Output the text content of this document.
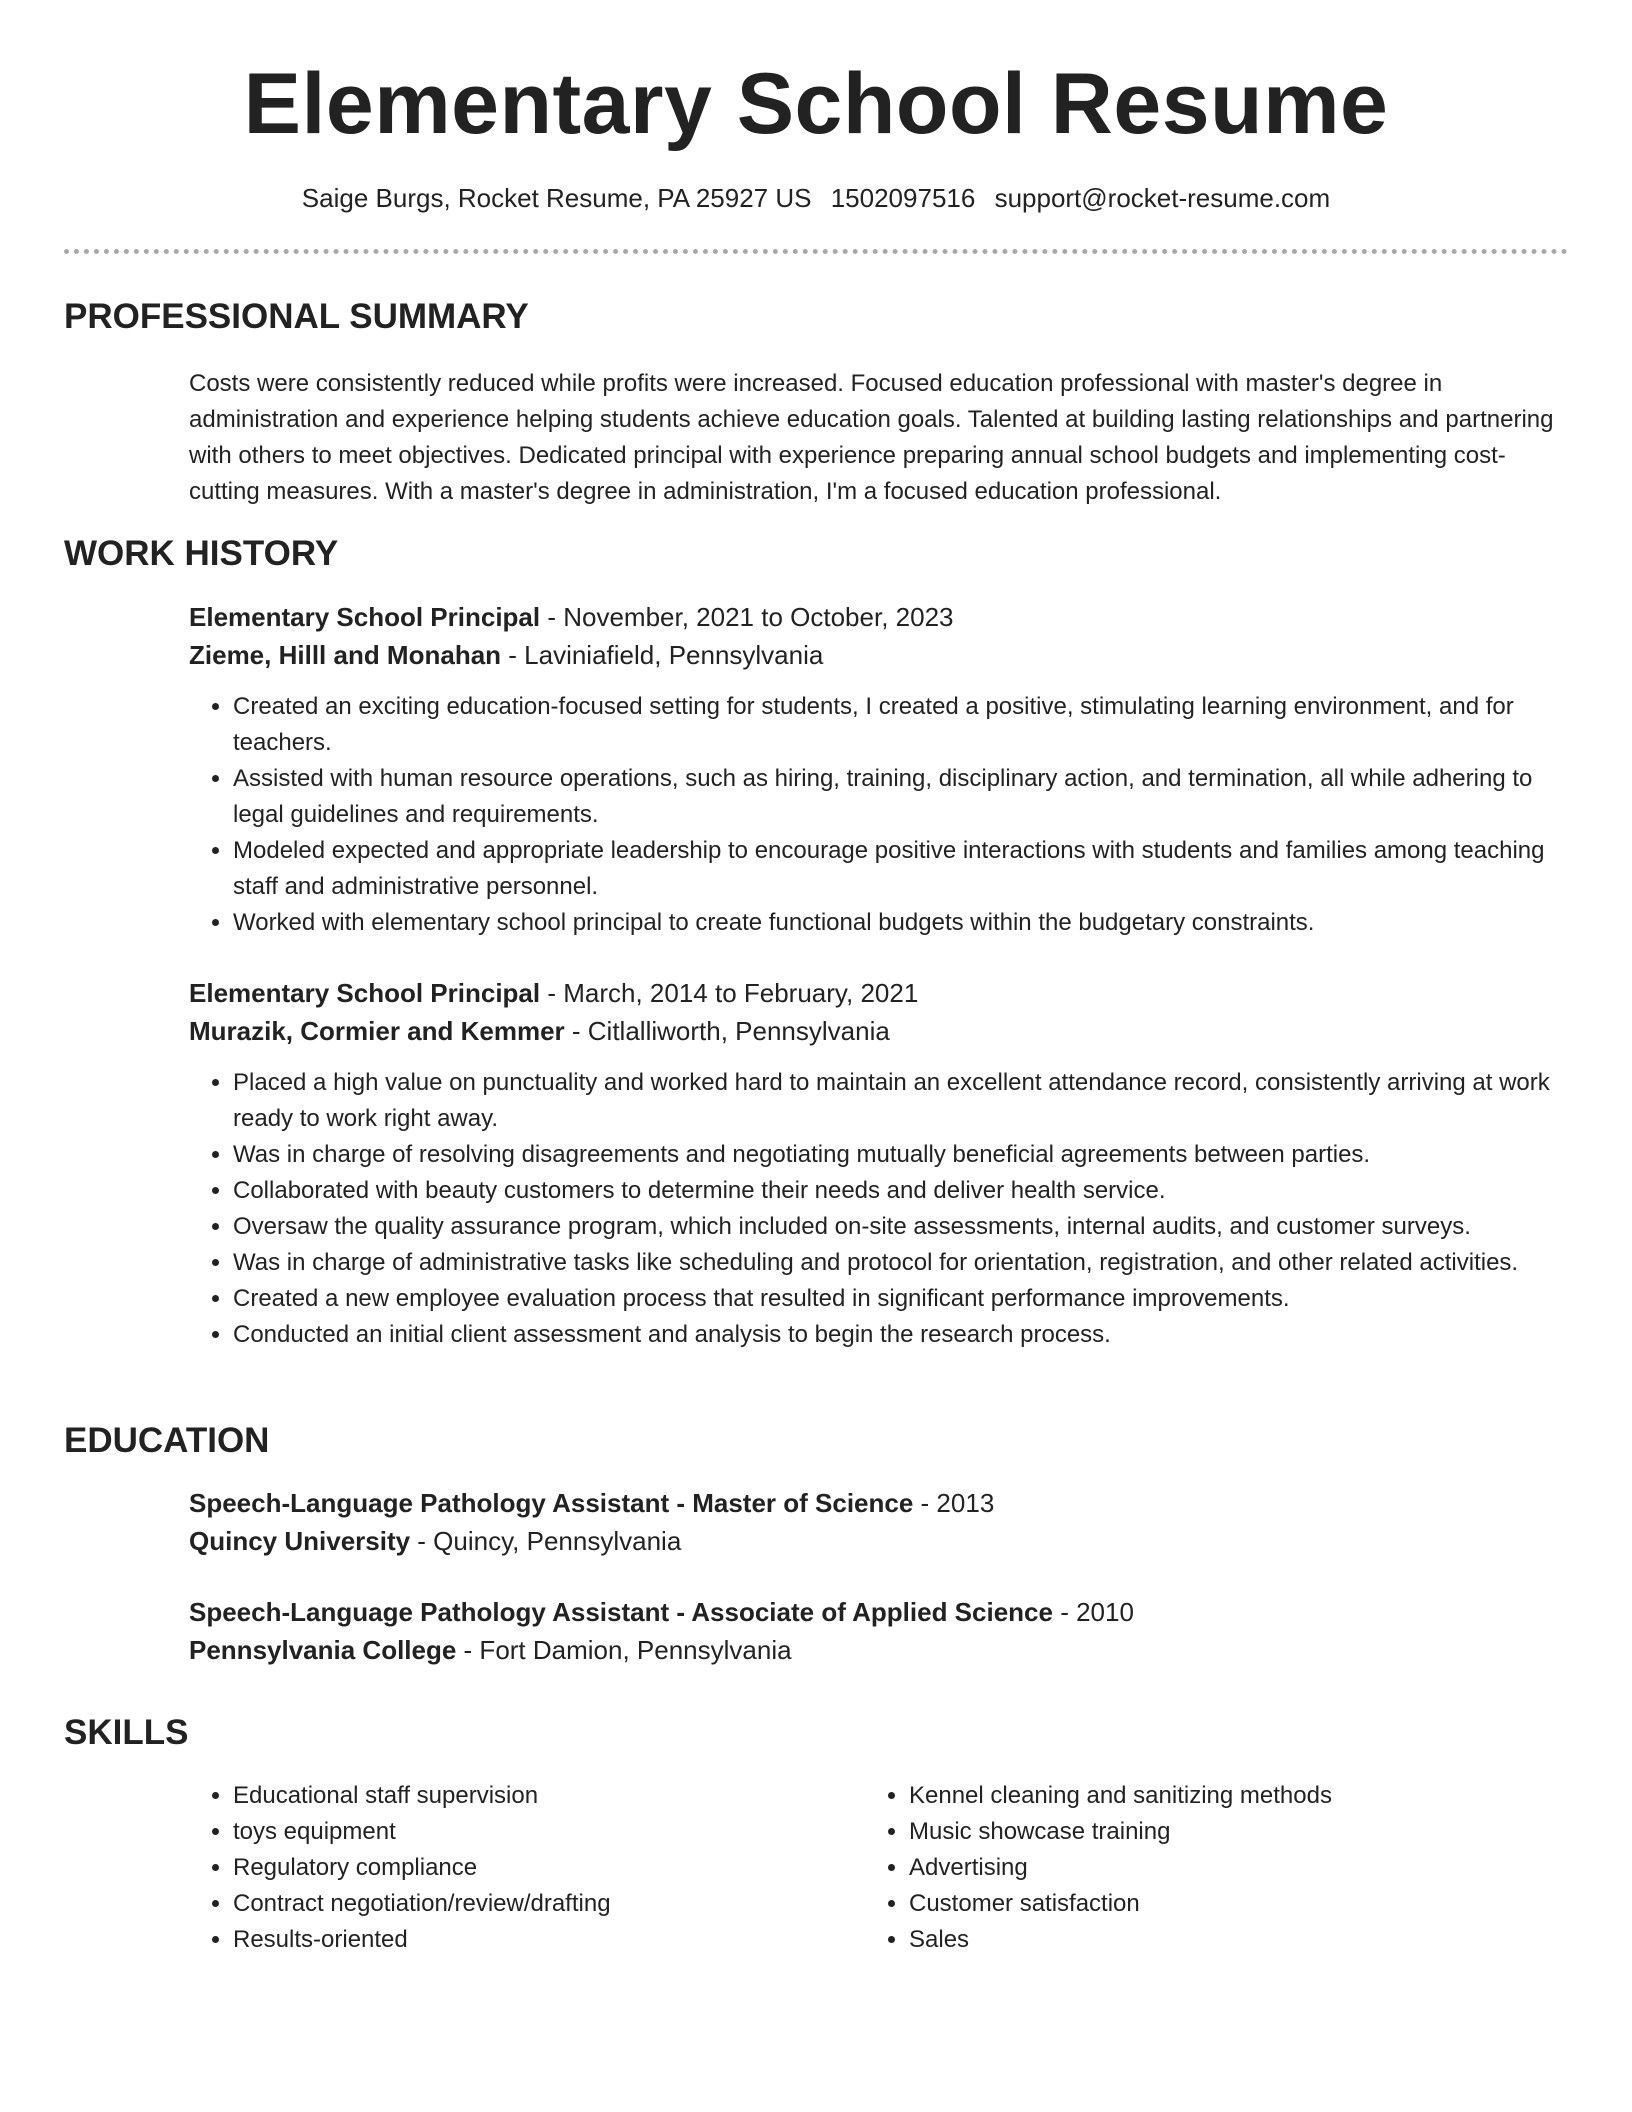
Elementary School Resume
Saige Burgs, Rocket Resume, PA 25927 US 1502097516 support@rocket-resume.com
PROFESSIONAL SUMMARY

Costs were consistently reduced while profits were increased. Focused education professional with master's degree in administration and experience helping students achieve education goals. Talented at building lasting relationships and partnering with others to meet objectives. Dedicated principal with experience preparing annual school budgets and implementing cost-cutting measures. With a master's degree in administration, I'm a focused education professional.

WORK HISTORY
Elementary School Principal - November, 2021 to October, 2023
Zieme, Hilll and Monahan - Laviniafield, Pennsylvania
• Created an exciting education-focused setting for students, I created a positive, stimulating learning environment, and for teachers.
• Assisted with human resource operations, such as hiring, training, disciplinary action, and termination, all while adhering to legal guidelines and requirements.
• Modeled expected and appropriate leadership to encourage positive interactions with students and families among teaching staff and administrative personnel.
• Worked with elementary school principal to create functional budgets within the budgetary constraints.
Elementary School Principal - March, 2014 to February, 2021
Murazik, Cormier and Kemmer - Citlalliworth, Pennsylvania
• Placed a high value on punctuality and worked hard to maintain an excellent attendance record, consistently arriving at work ready to work right away.
• Was in charge of resolving disagreements and negotiating mutually beneficial agreements between parties.
• Collaborated with beauty customers to determine their needs and deliver health service.
• Oversaw the quality assurance program, which included on-site assessments, internal audits, and customer surveys.
• Was in charge of administrative tasks like scheduling and protocol for orientation, registration, and other related activities.
• Created a new employee evaluation process that resulted in significant performance improvements.
• Conducted an initial client assessment and analysis to begin the research process.
EDUCATION
Speech-Language Pathology Assistant - Master of Science - 2013
Quincy University - Quincy, Pennsylvania
Speech-Language Pathology Assistant - Associate of Applied Science - 2010
Pennsylvania College - Fort Damion, Pennsylvania
SKILLS
• Educational staff supervision
• toys equipment
• Regulatory compliance
• Contract negotiation/review/drafting
• Results-oriented
• Kennel cleaning and sanitizing methods
• Music showcase training
• Advertising
• Customer satisfaction
• Sales
